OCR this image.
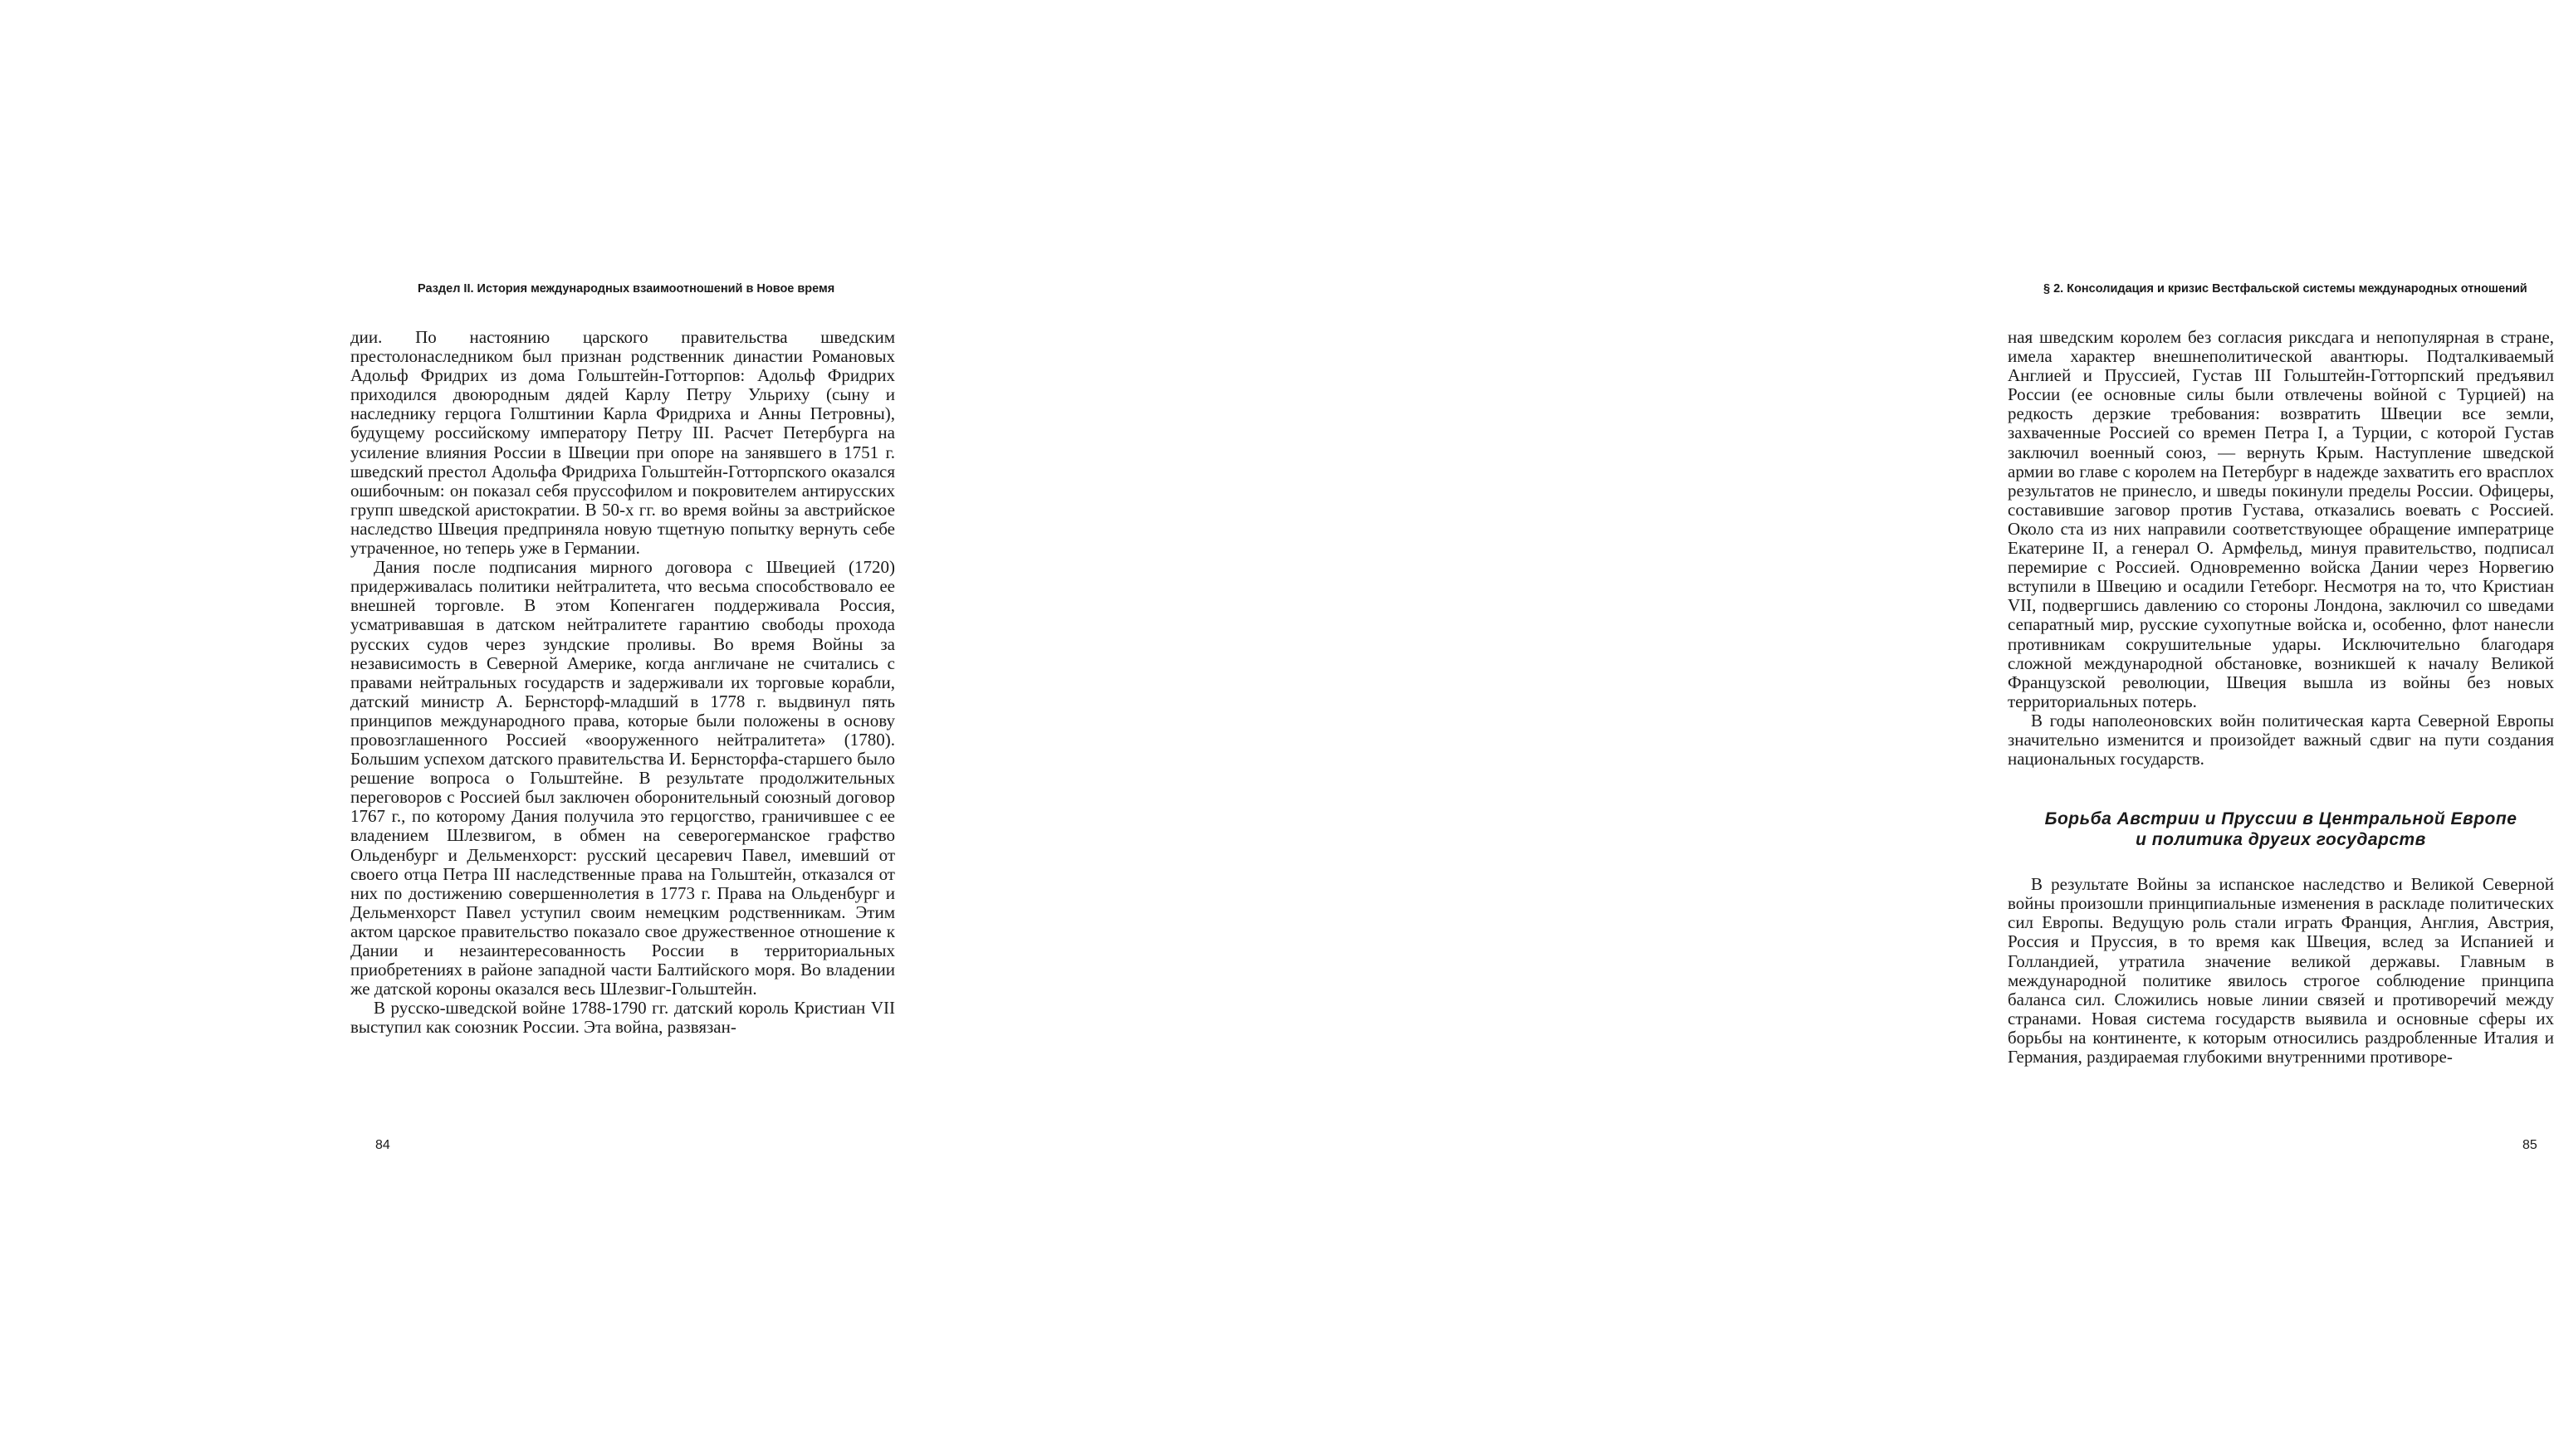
Раздел II. История международных взаимоотношений в Новое время

дии. По настоянию царского правительства шведским престолонаследником был признан родственник династии Романовых Адольф Фридрих из дома Гольштейн-Готторпов: Адольф Фридрих приходился двоюродным дядей Карлу Петру Ульриху (сыну и наследнику герцога Голштинии Карла Фридриха и Анны Петровны), будущему российскому императору Петру III. Расчет Петербурга на усиление влияния России в Швеции при опоре на занявшего в 1751 г. шведский престол Адольфа Фридриха Гольштейн-Готторпского оказался ошибочным: он показал себя пруссофилом и покровителем антирусских групп шведской аристократии. В 50-х гг. во время войны за австрийское наследство Швеция предприняла новую тщетную попытку вернуть себе утраченное, но теперь уже в Германии.

Дания после подписания мирного договора с Швецией (1720) придерживалась политики нейтралитета, что весьма способствовало ее внешней торговле. В этом Копенгаген поддерживала Россия, усматривавшая в датском нейтралитете гарантию свободы прохода русских судов через зундские проливы. Во время Войны за независимость в Северной Америке, когда англичане не считались с правами нейтральных государств и задерживали их торговые корабли, датский министр А. Бернсторф-младший в 1778 г. выдвинул пять принципов международного права, которые были положены в основу провозглашенного Россией «вооруженного нейтралитета» (1780). Большим успехом датского правительства И. Бернсторфа-старшего было решение вопроса о Гольштейне. В результате продолжительных переговоров с Россией был заключен оборонительный союзный договор 1767 г., по которому Дания получила это герцогство, граничившее с ее владением Шлезвигом, в обмен на северогерманское графство Ольденбург и Дельменхорст: русский цесаревич Павел, имевший от своего отца Петра III наследственные права на Гольштейн, отказался от них по достижению совершеннолетия в 1773 г. Права на Ольденбург и Дельменхорст Павел уступил своим немецким родственникам. Этим актом царское правительство показало свое дружественное отношение к Дании и незаинтересованность России в территориальных приобретениях в районе западной части Балтийского моря. Во владении же датской короны оказался весь Шлезвиг-Гольштейн.

В русско-шведской войне 1788-1790 гг. датский король Кристиан VII выступил как союзник России. Эта война, развязан-

84
§ 2. Консолидация и кризис Вестфальской системы международных отношений

ная шведским королем без согласия риксдага и непопулярная в стране, имела характер внешнеполитической авантюры. Подталкиваемый Англией и Пруссией, Густав III Гольштейн-Готторпский предъявил России (ее основные силы были отвлечены войной с Турцией) на редкость дерзкие требования: возвратить Швеции все земли, захваченные Россией со времен Петра I, а Турции, с которой Густав заключил военный союз, — вернуть Крым. Наступление шведской армии во главе с королем на Петербург в надежде захватить его врасплох результатов не принесло, и шведы покинули пределы России. Офицеры, составившие заговор против Густава, отказались воевать с Россией. Около ста из них направили соответствующее обращение императрице Екатерине II, а генерал О. Армфельд, минуя правительство, подписал перемирие с Россией. Одновременно войска Дании через Норвегию вступили в Швецию и осадили Гетеборг. Несмотря на то, что Кристиан VII, подвергшись давлению со стороны Лондона, заключил со шведами сепаратный мир, русские сухопутные войска и, особенно, флот нанесли противникам сокрушительные удары. Исключительно благодаря сложной международной обстановке, возникшей к началу Великой Французской революции, Швеция вышла из войны без новых территориальных потерь.

В годы наполеоновских войн политическая карта Северной Европы значительно изменится и произойдет важный сдвиг на пути создания национальных государств.

Борьба Австрии и Пруссии в Центральной Европе
и политика других государств

В результате Войны за испанское наследство и Великой Северной войны произошли принципиальные изменения в раскладе политических сил Европы. Ведущую роль стали играть Франция, Англия, Австрия, Россия и Пруссия, в то время как Швеция, вслед за Испанией и Голландией, утратила значение великой державы. Главным в международной политике явилось строгое соблюдение принципа баланса сил. Сложились новые линии связей и противоречий между странами. Новая система государств выявила и основные сферы их борьбы на континенте, к которым относились раздробленные Италия и Германия, раздираемая глубокими внутренними противоре-

85
